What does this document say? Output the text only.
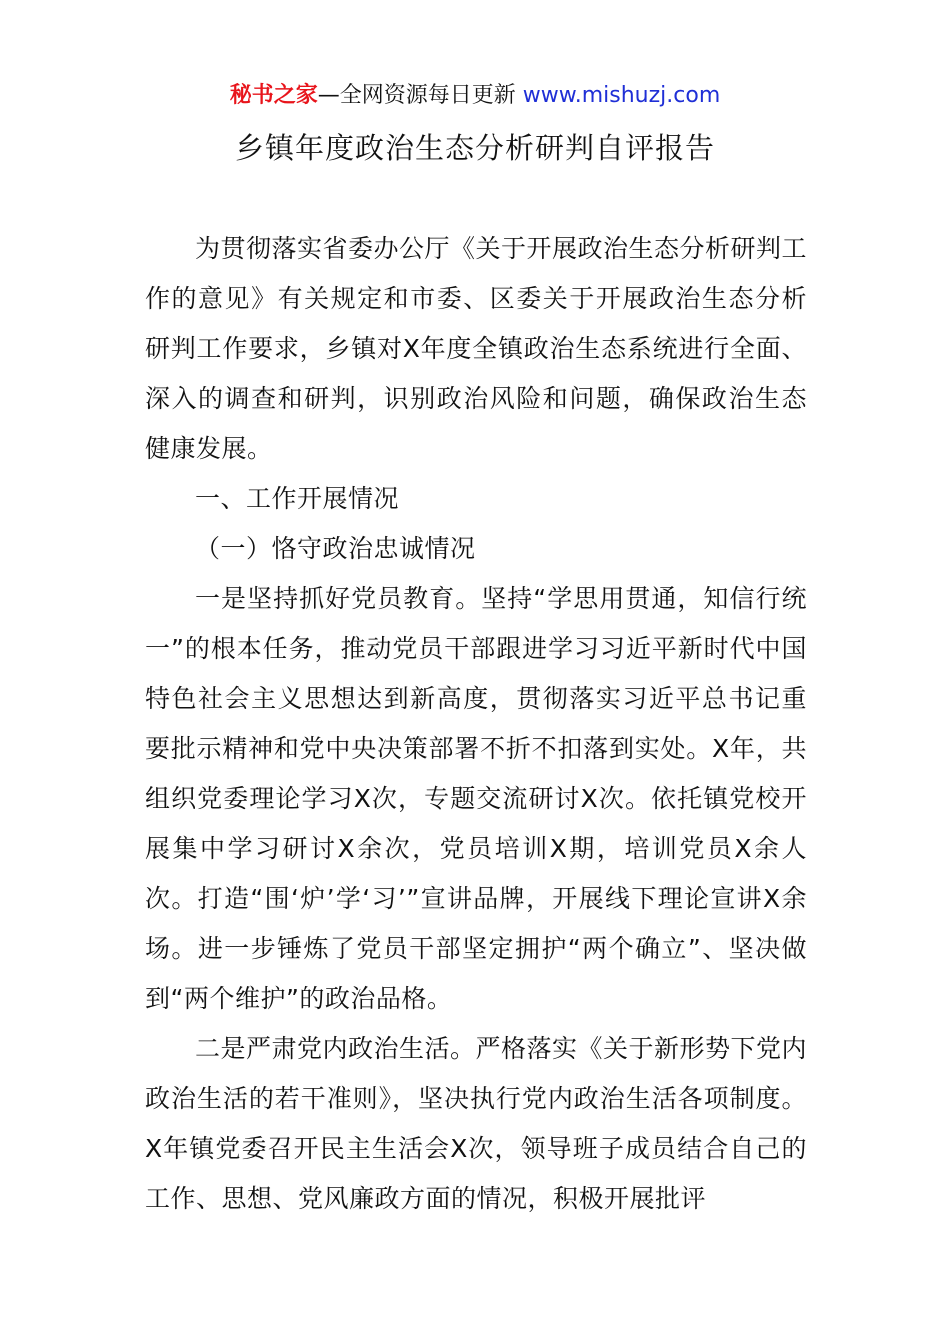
秘书之家—全网资源每日更新 www.mishuzj.com
乡镇年度政治生态分析研判自评报告

为贯彻落实省委办公厅《关于开展政治生态分析研判工作的意见》有关规定和市委、区委关于开展政治生态分析研判工作要求，乡镇对X年度全镇政治生态系统进行全面、深入的调查和研判，识别政治风险和问题，确保政治生态健康发展。

一、工作开展情况

（一）恪守政治忠诚情况

一是坚持抓好党员教育。坚持“学思用贯通，知信行统一”的根本任务，推动党员干部跟进学习习近平新时代中国特色社会主义思想达到新高度，贯彻落实习近平总书记重要批示精神和党中央决策部署不折不扣落到实处。X年，共组织党委理论学习X次，专题交流研讨X次。依托镇党校开展集中学习研讨X余次，党员培训X期，培训党员X余人次。打造“围‘炉’学‘习’”宣讲品牌，开展线下理论宣讲X余场。进一步锤炼了党员干部坚定拥护“两个确立”、坚决做到“两个维护”的政治品格。

二是严肃党内政治生活。严格落实《关于新形势下党内政治生活的若干准则》，坚决执行党内政治生活各项制度。X年镇党委召开民主生活会X次，领导班子成员结合自己的工作、思想、党风廉政方面的情况，积极开展批评
